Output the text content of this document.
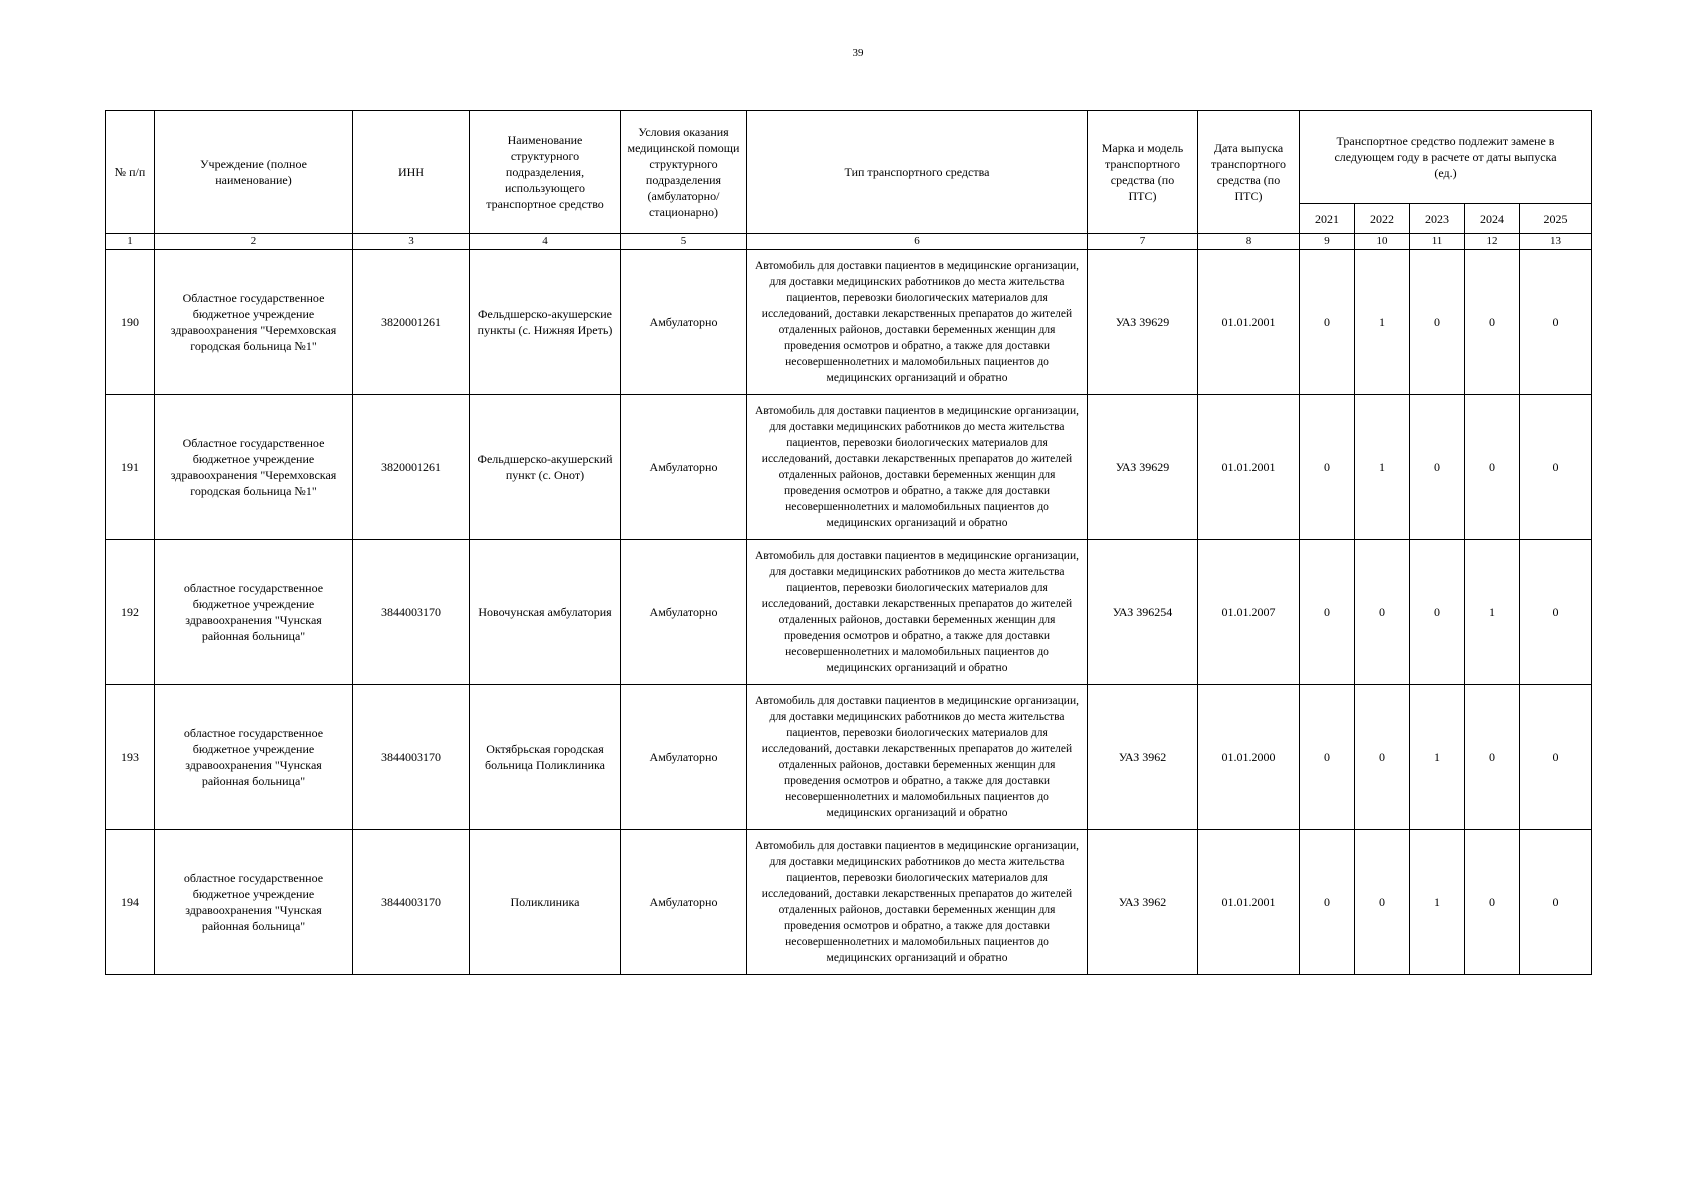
39
№ п/п	Учреждение (полное наименование)	ИНН	Наименование структурного подразделения, использующего транспортное средство	Условия оказания медицинской помощи структурного подразделения (амбулаторно/ стационарно)	Тип транспортного средства	Марка и модель транспортного средства (по ПТС)	Дата выпуска транспортного средства (по ПТС)	Транспортное средство подлежит замене в следующем году в расчете от даты выпуска (ед.)				
								2021	2022	2023	2024	2025
1	2	3	4	5	6	7	8	9	10	11	12	13
190	Областное государственное бюджетное учреждение здравоохранения "Черемховская городская больница №1"	3820001261	Фельдшерско-акушерские пункты (с. Нижняя Иреть)	Амбулаторно	Автомобиль для доставки пациентов в медицинские организации, для доставки медицинских работников до места жительства пациентов, перевозки биологических материалов для исследований, доставки лекарственных препаратов до жителей отдаленных районов, доставки беременных женщин для проведения осмотров и обратно, а также для доставки несовершеннолетних и маломобильных пациентов до медицинских организаций и обратно	УАЗ 39629	01.01.2001	0	1	0	0	0
191	Областное государственное бюджетное учреждение здравоохранения "Черемховская городская больница №1"	3820001261	Фельдшерско-акушерский пункт (с. Онот)	Амбулаторно	Автомобиль для доставки пациентов в медицинские организации, для доставки медицинских работников до места жительства пациентов, перевозки биологических материалов для исследований, доставки лекарственных препаратов до жителей отдаленных районов, доставки беременных женщин для проведения осмотров и обратно, а также для доставки несовершеннолетних и маломобильных пациентов до медицинских организаций и обратно	УАЗ 39629	01.01.2001	0	1	0	0	0
192	областное государственное бюджетное учреждение здравоохранения "Чунская районная больница"	3844003170	Новочунская амбулатория	Амбулаторно	Автомобиль для доставки пациентов в медицинские организации, для доставки медицинских работников до места жительства пациентов, перевозки биологических материалов для исследований, доставки лекарственных препаратов до жителей отдаленных районов, доставки беременных женщин для проведения осмотров и обратно, а также для доставки несовершеннолетних и маломобильных пациентов до медицинских организаций и обратно	УАЗ 396254	01.01.2007	0	0	0	1	0
193	областное государственное бюджетное учреждение здравоохранения "Чунская районная больница"	3844003170	Октябрьская городская больница Поликлиника	Амбулаторно	Автомобиль для доставки пациентов в медицинские организации, для доставки медицинских работников до места жительства пациентов, перевозки биологических материалов для исследований, доставки лекарственных препаратов до жителей отдаленных районов, доставки беременных женщин для проведения осмотров и обратно, а также для доставки несовершеннолетних и маломобильных пациентов до медицинских организаций и обратно	УАЗ 3962	01.01.2000	0	0	1	0	0
194	областное государственное бюджетное учреждение здравоохранения "Чунская районная больница"	3844003170	Поликлиника	Амбулаторно	Автомобиль для доставки пациентов в медицинские организации, для доставки медицинских работников до места жительства пациентов, перевозки биологических материалов для исследований, доставки лекарственных препаратов до жителей отдаленных районов, доставки беременных женщин для проведения осмотров и обратно, а также для доставки несовершеннолетних и маломобильных пациентов до медицинских организаций и обратно	УАЗ 3962	01.01.2001	0	0	1	0	0
